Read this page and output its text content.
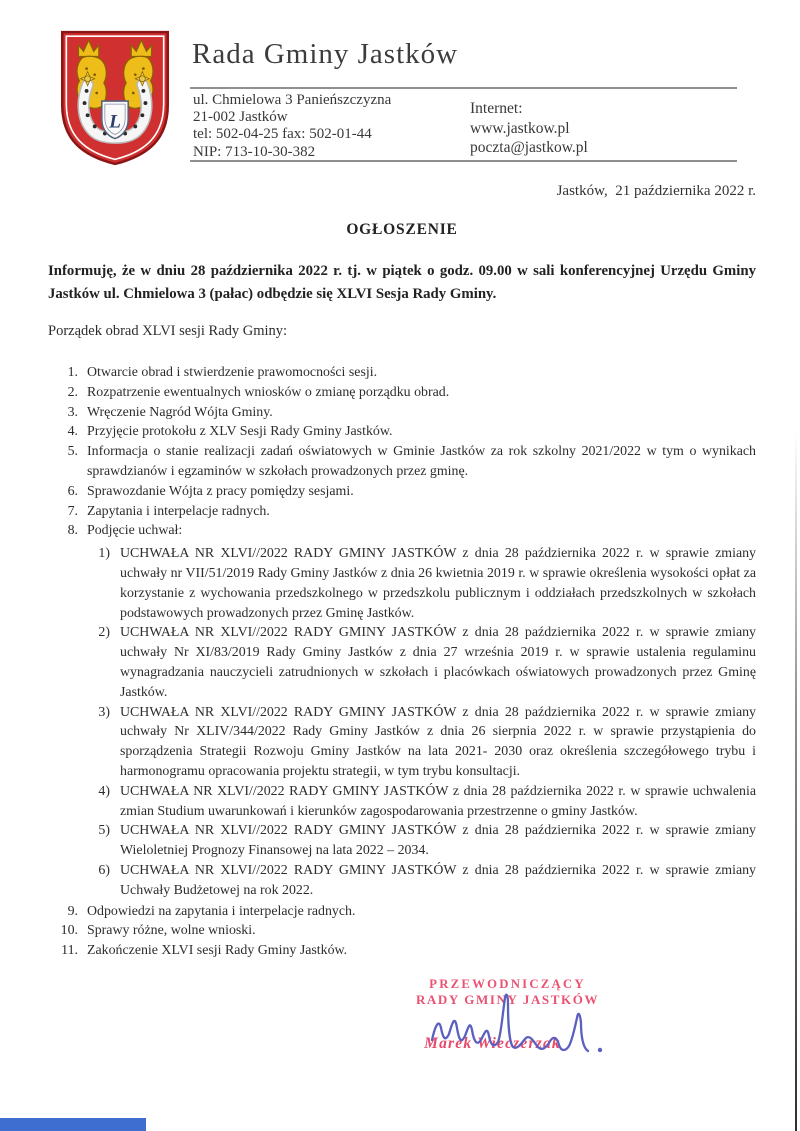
L
Rada Gminy Jastków
ul. Chmielowa 3 Panieńszczyzna
21-002 Jastków
tel: 502-04-25 fax: 502-01-44
NIP: 713-10-30-382
Internet:
www.jastkow.pl
poczta@jastkow.pl
Jastków,  21 października 2022 r.
OGŁOSZENIE
Informuję, że w dniu 28 października 2022 r. tj. w piątek o godz. 09.00 w sali konferencyjnej Urzędu Gminy Jastków ul. Chmielowa 3 (pałac) odbędzie się XLVI Sesja Rady Gminy.
Porządek obrad XLVI sesji Rady Gminy:
1. Otwarcie obrad i stwierdzenie prawomocności sesji.
2. Rozpatrzenie ewentualnych wniosków o zmianę porządku obrad.
3. Wręczenie Nagród Wójta Gminy.
4. Przyjęcie protokołu z XLV Sesji Rady Gminy Jastków.
5. Informacja o stanie realizacji zadań oświatowych w Gminie Jastków za rok szkolny 2021/2022 w tym o wynikach sprawdzianów i egzaminów w szkołach prowadzonych przez gminę.
6. Sprawozdanie Wójta z pracy pomiędzy sesjami.
7. Zapytania i interpelacje radnych.
8. Podjęcie uchwał:
1) UCHWAŁA NR XLVI//2022 RADY GMINY JASTKÓW z dnia 28 października 2022 r. w sprawie zmiany uchwały nr VII/51/2019 Rady Gminy Jastków z dnia 26 kwietnia 2019 r. w sprawie określenia wysokości opłat za korzystanie z wychowania przedszkolnego w przedszkolu publicznym i oddziałach przedszkolnych w szkołach podstawowych prowadzonych przez Gminę Jastków.
2) UCHWAŁA NR XLVI//2022 RADY GMINY JASTKÓW z dnia 28 października 2022 r. w sprawie zmiany uchwały Nr XI/83/2019 Rady Gminy Jastków z dnia 27 września 2019 r. w sprawie ustalenia regulaminu wynagradzania nauczycieli zatrudnionych w szkołach i placówkach oświatowych prowadzonych przez Gminę Jastków.
3) UCHWAŁA NR XLVI//2022 RADY GMINY JASTKÓW z dnia 28 października 2022 r. w sprawie zmiany uchwały Nr XLIV/344/2022 Rady Gminy Jastków z dnia 26 sierpnia 2022 r. w sprawie przystąpienia do sporządzenia Strategii Rozwoju Gminy Jastków na lata 2021- 2030 oraz określenia szczegółowego trybu i harmonogramu opracowania projektu strategii, w tym trybu konsultacji.
4) UCHWAŁA NR XLVI//2022 RADY GMINY JASTKÓW z dnia 28 października 2022 r. w sprawie uchwalenia zmian Studium uwarunkowań i kierunków zagospodarowania przestrzenne o gminy Jastków.
5) UCHWAŁA NR XLVI//2022 RADY GMINY JASTKÓW z dnia 28 października 2022 r. w sprawie zmiany Wieloletniej Prognozy Finansowej na lata 2022 – 2034.
6) UCHWAŁA NR XLVI//2022 RADY GMINY JASTKÓW z dnia 28 października 2022 r. w sprawie zmiany Uchwały Budżetowej na rok 2022.
9. Odpowiedzi na zapytania i interpelacje radnych.
10. Sprawy różne, wolne wnioski.
11. Zakończenie XLVI sesji Rady Gminy Jastków.
PRZEWODNICZĄCY
RADY GMINY JASTKÓW
Marek Wieczerzak
